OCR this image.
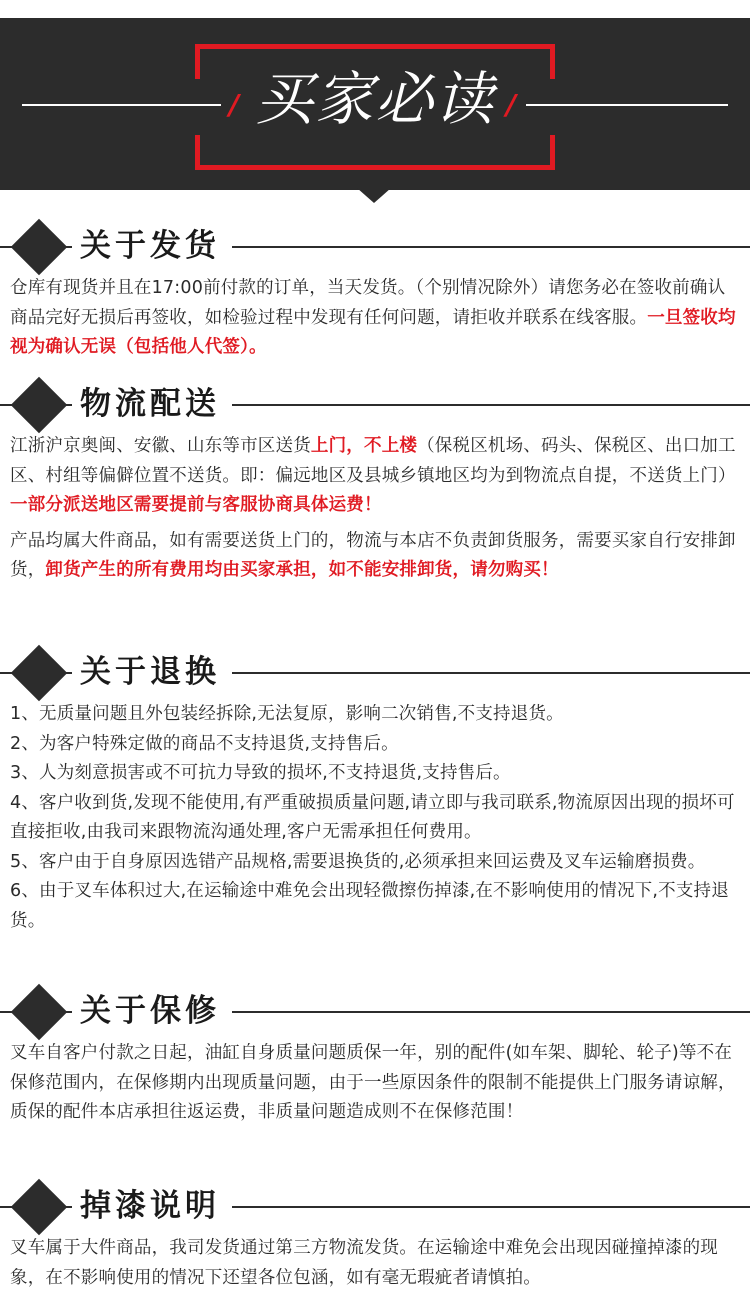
/	/
买家必读
关于发货

仓库有现货并且在17:00前付款的订单，当天发货。（个别情况除外）请您务必在签收前确认商品完好无损后再签收，如检验过程中发现有任何问题，请拒收并联系在线客服。一旦签收均视为确认无误（包括他人代签）。

物流配送

江浙沪京奥闽、安徽、山东等市区送货上门，不上楼（保税区机场、码头、保税区、出口加工区、村组等偏僻位置不送货。即：偏远地区及县城乡镇地区均为到物流点自提，不送货上门）一部分派送地区需要提前与客服协商具体运费！

产品均属大件商品，如有需要送货上门的，物流与本店不负责卸货服务，需要买家自行安排卸货，卸货产生的所有费用均由买家承担，如不能安排卸货，请勿购买！

关于退换
1、无质量问题且外包装经拆除,无法复原，影响二次销售,不支持退货。
2、为客户特殊定做的商品不支持退货,支持售后。
3、人为刻意损害或不可抗力导致的损坏,不支持退货,支持售后。
4、客户收到货,发现不能使用,有严重破损质量问题,请立即与我司联系,物流原因出现的损坏可直接拒收,由我司来跟物流沟通处理,客户无需承担任何费用。
5、客户由于自身原因选错产品规格,需要退换货的,必须承担来回运费及叉车运输磨损费。
6、由于叉车体积过大,在运输途中难免会出现轻微擦伤掉漆,在不影响使用的情况下,不支持退货。
关于保修

叉车自客户付款之日起，油缸自身质量问题质保一年，别的配件(如车架、脚轮、轮子)等不在保修范围内，在保修期内出现质量问题，由于一些原因条件的限制不能提供上门服务请谅解，质保的配件本店承担往返运费，非质量问题造成则不在保修范围！

掉漆说明

叉车属于大件商品，我司发货通过第三方物流发货。在运输途中难免会出现因碰撞掉漆的现象，在不影响使用的情况下还望各位包涵，如有毫无瑕疵者请慎拍。
